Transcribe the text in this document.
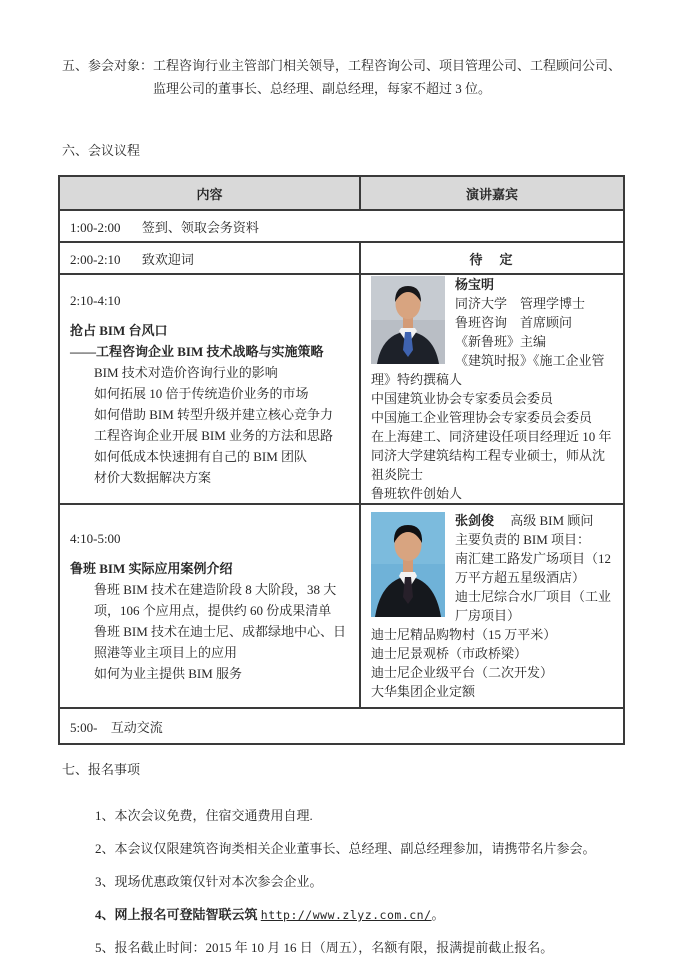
五、参会对象： 工程咨询行业主管部门相关领导，工程咨询公司、项目管理公司、工程顾问公司、监理公司的董事长、总经理、副总经理，每家不超过 3 位。
六、会议议程
内容	演讲嘉宾
1:00-2:00 签到、领取会务资料	
2:00-2:10 致欢迎词	待　定

2:10-4:10
抢占 BIM 台风口
——工程咨询企业 BIM 技术战略与实施策略
BIM 技术对造价咨询行业的影响
如何拓展 10 倍于传统造价业务的市场
如何借助 BIM 转型升级并建立核心竞争力
工程咨询企业开展 BIM 业务的方法和思路
如何低成本快速拥有自己的 BIM 团队
材价大数据解决方案

杨宝明
同济大学　管理学博士
鲁班咨询　首席顾问
《新鲁班》主编
《建筑时报》《施工企业管理》特约撰稿人
中国建筑业协会专家委员会委员
中国施工企业管理协会专家委员会委员
在上海建工、同济建设任项目经理近 10 年
同济大学建筑结构工程专业硕士，师从沈祖炎院士
鲁班软件创始人

4:10-5:00
鲁班 BIM 实际应用案例介绍
鲁班 BIM 技术在建造阶段 8 大阶段，38 大项，106 个应用点，提供约 60 份成果清单
鲁班 BIM 技术在迪士尼、成都绿地中心、日照港等业主项目上的应用
如何为业主提供 BIM 服务

张剑俊 高级 BIM 顾问
主要负责的 BIM 项目：
南汇建工路发广场项目（12 万平方超五星级酒店）
迪士尼综合水厂项目（工业厂房项目）
迪士尼精品购物村（15 万平米）
迪士尼景观桥（市政桥梁）
迪士尼企业级平台（二次开发）
大华集团企业定额

5:00- 互动交流	
七、报名事项
1、本次会议免费，住宿交通费用自理.
2、本会议仅限建筑咨询类相关企业董事长、总经理、副总经理参加，请携带名片参会。
3、现场优惠政策仅针对本次参会企业。
4、网上报名可登陆智联云筑 http://www.zlyz.com.cn/。
5、报名截止时间：2015 年 10 月 16 日（周五），名额有限，报满提前截止报名。
